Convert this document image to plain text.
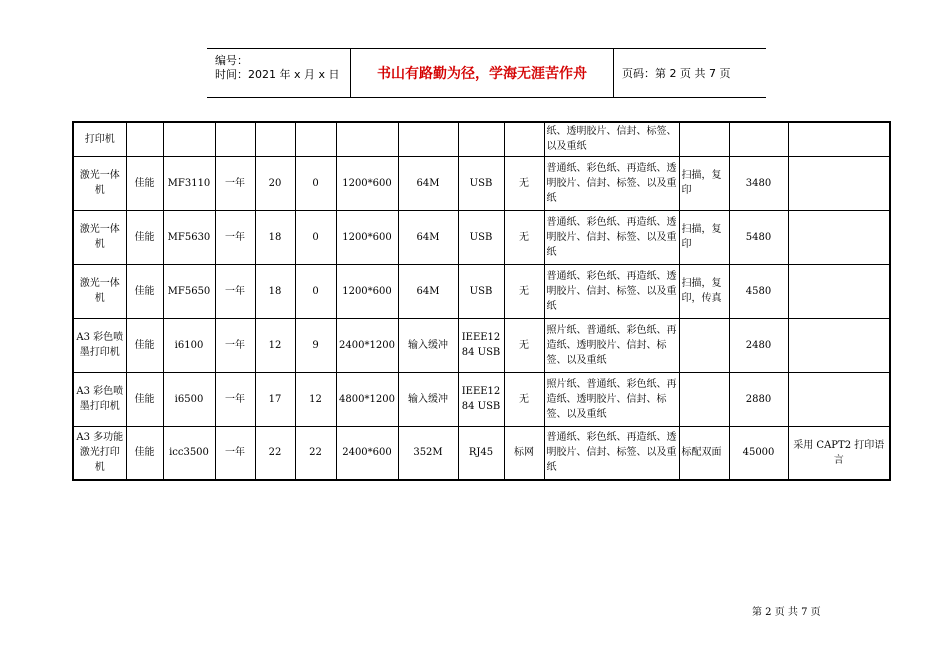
编号：
时间：2021 年 x 月 x 日	书山有路勤为径，学海无涯苦作舟	页码：第 2 页 共 7 页
打印机										纸、透明胶片、信封、标签、以及重纸			
激光一体机	佳能	MF3110	一年	20	0	1200*600	64M	USB	无	普通纸、彩色纸、再造纸、透明胶片、信封、标签、以及重纸	扫描，复印	3480	
激光一体机	佳能	MF5630	一年	18	0	1200*600	64M	USB	无	普通纸、彩色纸、再造纸、透明胶片、信封、标签、以及重纸	扫描，复印	5480	
激光一体机	佳能	MF5650	一年	18	0	1200*600	64M	USB	无	普通纸、彩色纸、再造纸、透明胶片、信封、标签、以及重纸	扫描，复印，传真	4580	
A3 彩色喷墨打印机	佳能	i6100	一年	12	9	2400*1200	输入缓冲	IEEE1284 USB	无	照片纸、普通纸、彩色纸、再造纸、透明胶片、信封、标签、以及重纸		2480	
A3 彩色喷墨打印机	佳能	i6500	一年	17	12	4800*1200	输入缓冲	IEEE1284 USB	无	照片纸、普通纸、彩色纸、再造纸、透明胶片、信封、标签、以及重纸		2880	
A3 多功能激光打印机	佳能	icc3500	一年	22	22	2400*600	352M	RJ45	标网	普通纸、彩色纸、再造纸、透明胶片、信封、标签、以及重纸	标配双面	45000	采用 CAPT2 打印语言
第 2 页 共 7 页
